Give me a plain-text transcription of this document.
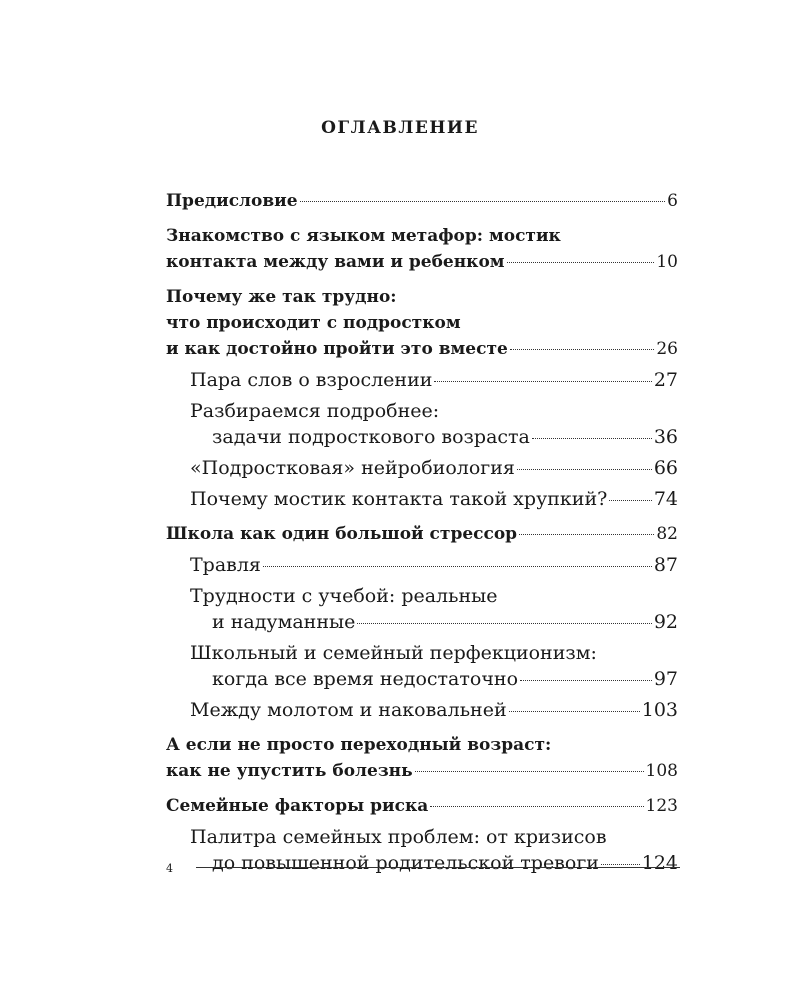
ОГЛАВЛЕНИЕ
Предисловие	6
Знакомство с языком метафор: мостик
контакта между вами и ребенком	10
Почему же так трудно:
что происходит с подростком
и как достойно пройти это вместе	26
Пара слов о взрослении	27
Разбираемся подробнее:
задачи подросткового возраста	36
«Подростковая» нейробиология	66
Почему мостик контакта такой хрупкий? 74
Школа как один большой стрессор	82
Травля	87
Трудности с учебой: реальные
и надуманные	92
Школьный и семейный перфекционизм:
когда все время недостаточно	97
Между молотом и наковальней	103
А если не просто переходный возраст:
как не упустить болезнь	108
Семейные факторы риска	123
Палитра семейных проблем: от кризисов
до повышенной родительской тревоги 124
4
